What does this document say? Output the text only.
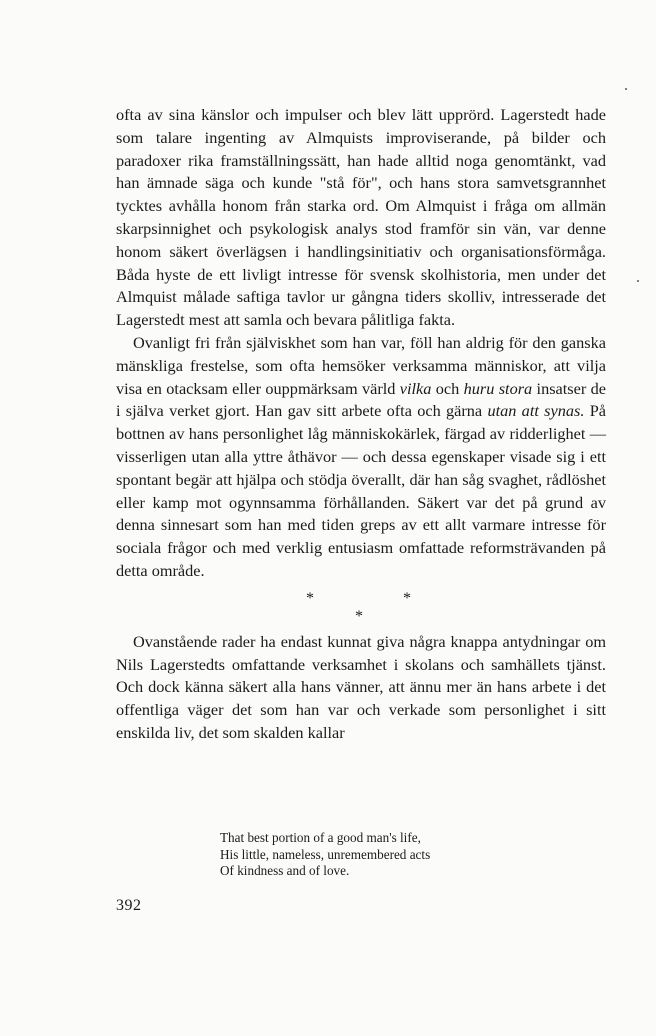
ofta av sina känslor och impulser och blev lätt upprörd. Lagerstedt hade som talare ingenting av Almquists improviserande, på bilder och paradoxer rika framställningssätt, han hade alltid noga genomtänkt, vad han ämnade säga och kunde "stå för", och hans stora samvetsgrannhet tycktes avhålla honom från starka ord. Om Almquist i fråga om allmän skarpsinnighet och psykologisk analys stod framför sin vän, var denne honom säkert överlägsen i handlingsinitiativ och organisationsförmåga. Båda hyste de ett livligt intresse för svensk skolhistoria, men under det Almquist målade saftiga tavlor ur gångna tiders skolliv, intresserade det Lagerstedt mest att samla och bevara pålitliga fakta.

Ovanligt fri från själviskhet som han var, föll han aldrig för den ganska mänskliga frestelse, som ofta hemsöker verksamma människor, att vilja visa en otacksam eller ouppmärksam värld vilka och huru stora insatser de i själva verket gjort. Han gav sitt arbete ofta och gärna utan att synas. På bottnen av hans personlighet låg människokärlek, färgad av ridderlighet — visserligen utan alla yttre åthävor — och dessa egenskaper visade sig i ett spontant begär att hjälpa och stödja överallt, där han såg svaghet, rådlöshet eller kamp mot ogynnsamma förhållanden. Säkert var det på grund av denna sinnesart som han med tiden greps av ett allt varmare intresse för sociala frågor och med verklig entusiasm omfattade reformsträvanden på detta område.

*	*
*

Ovanstående rader ha endast kunnat giva några knappa antydningar om Nils Lagerstedts omfattande verksamhet i skolans och samhällets tjänst. Och dock känna säkert alla hans vänner, att ännu mer än hans arbete i det offentliga väger det som han var och verkade som personlighet i sitt enskilda liv, det som skalden kallar

That best portion of a good man's life,
His little, nameless, unremembered acts
Of kindness and of love.
392
